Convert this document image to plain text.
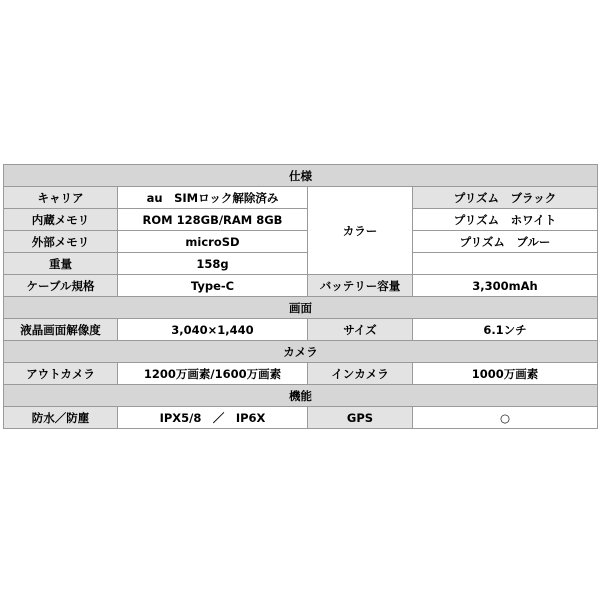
仕様			
キャリア	au　SIMロック解除済み	カラー	プリズム　ブラック
内蔵メモリ	ROM 128GB/RAM 8GB		プリズム　ホワイト
外部メモリ	microSD		プリズム　ブルー
重量	158g		
ケーブル規格	Type-C	バッテリー容量	3,300mAh
画面			
液晶画面解像度	3,040×1,440	サイズ	6.1ンチ
カメラ			
アウトカメラ	1200万画素/1600万画素	インカメラ	1000万画素
機能			
防水／防塵	IPX5/8　／　IP6X	GPS	○
